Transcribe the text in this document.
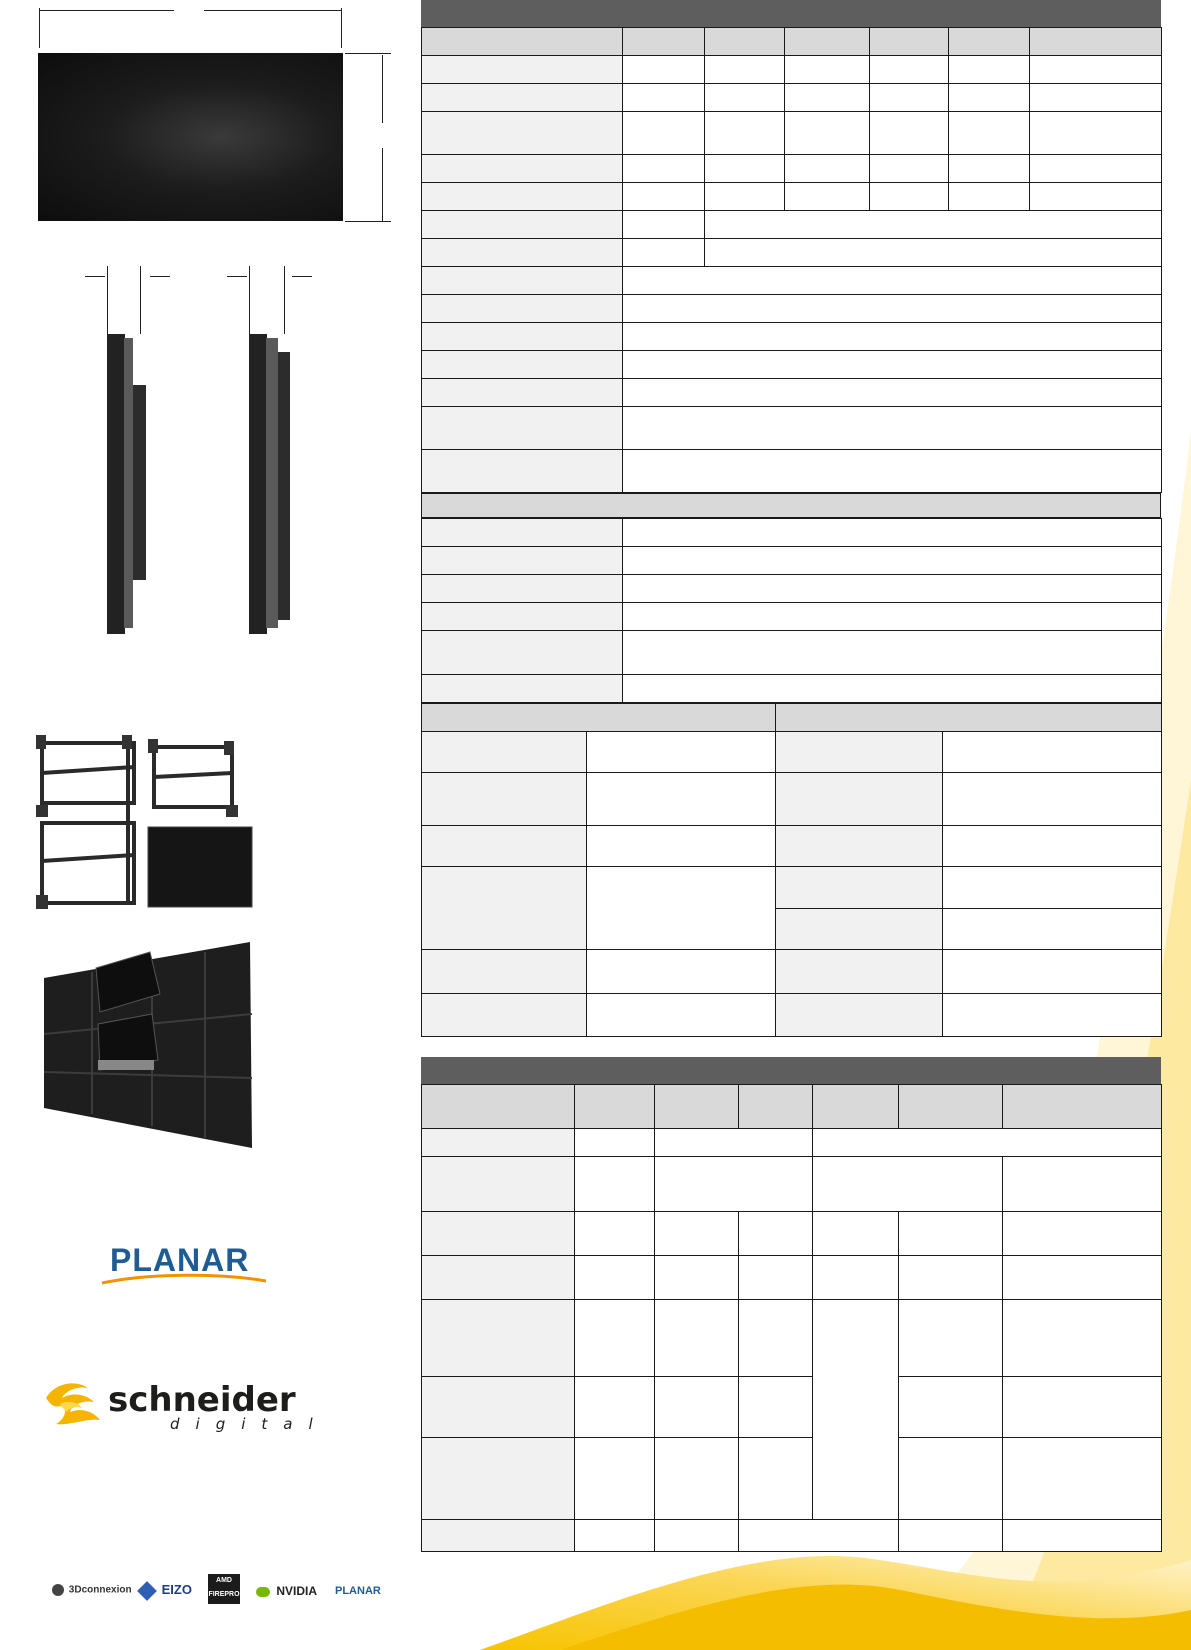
PLANAR
schneider
digital
3Dconnexion	EIZO
AMD FIREPRO	NVIDIA PLANAR
